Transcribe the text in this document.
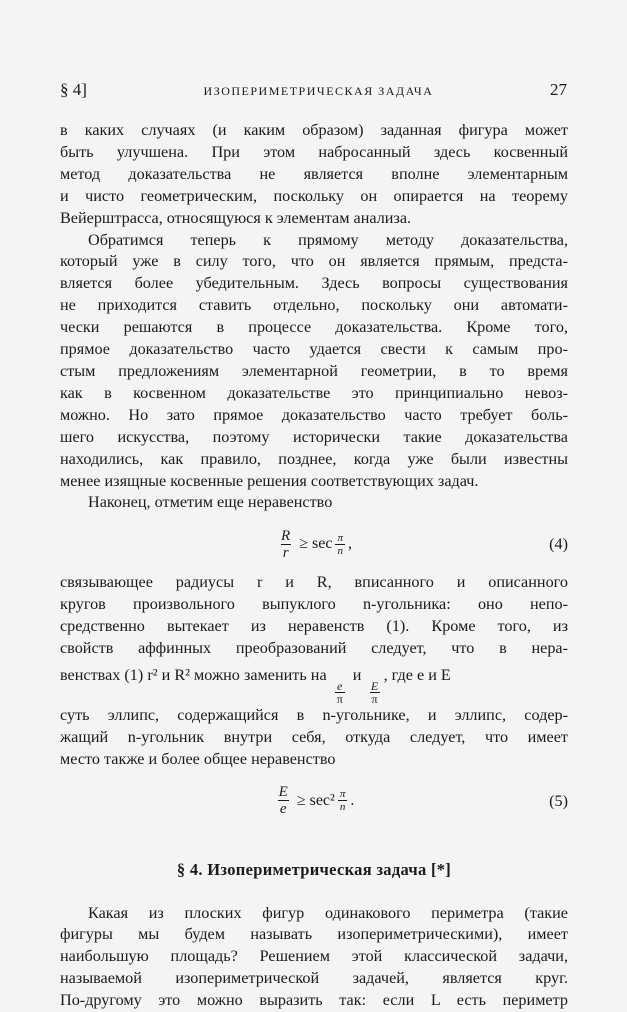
§ 4]	ИЗОПЕРИМЕТРИЧЕСКАЯ ЗАДАЧА	27

в каких случаях (и каким образом) заданная фигура может
быть улучшена. При этом набросанный здесь косвенный
метод доказательства не является вполне элементарным
и чисто геометрическим, поскольку он опирается на теорему
Вейерштрасса, относящуюся к элементам анализа.

Обратимся теперь к прямому методу доказательства,
который уже в силу того, что он является прямым, предста-
вляется более убедительным. Здесь вопросы существования
не приходится ставить отдельно, поскольку они автомати-
чески решаются в процессе доказательства. Кроме того,
прямое доказательство часто удается свести к самым про-
стым предложениям элементарной геометрии, в то время
как в косвенном доказательстве это принципиально невоз-
можно. Но зато прямое доказательство часто требует боль-
шего искусства, поэтому исторически такие доказательства
находились, как правило, позднее, когда уже были известны
менее изящные косвенные решения соответствующих задач.

Наконец, отметим еще неравенство

$\frac{R}{r} \ge \sec \frac{\pi}{n}$ ,	(4)

связывающее радиусы r и R, вписанного и описанного
кругов произвольного выпуклого n-угольника: оно непо-
средственно вытекает из неравенств (1). Кроме того, из
свойств аффинных преобразований следует, что в нера-
венствах (1) r² и R² можно заменить на
$\frac{e}{\pi}$
и
$\frac{E}{\pi}$
, где e и E
суть эллипс, содержащийся в n-угольнике, и эллипс, содер-
жащий n-угольник внутри себя, откуда следует, что имеет
место также и более общее неравенство

$\frac{E}{e} \ge \sec^2 \frac{\pi}{n}$ .	(5)
§ 4. Изопериметрическая задача [*]

Какая из плоских фигур одинакового периметра (такие
фигуры мы будем называть изопериметрическими), имеет
наибольшую площадь? Решением этой классической задачи,
называемой изопериметрической задачей, является круг.
По-другому это можно выразить так: если L есть периметр
